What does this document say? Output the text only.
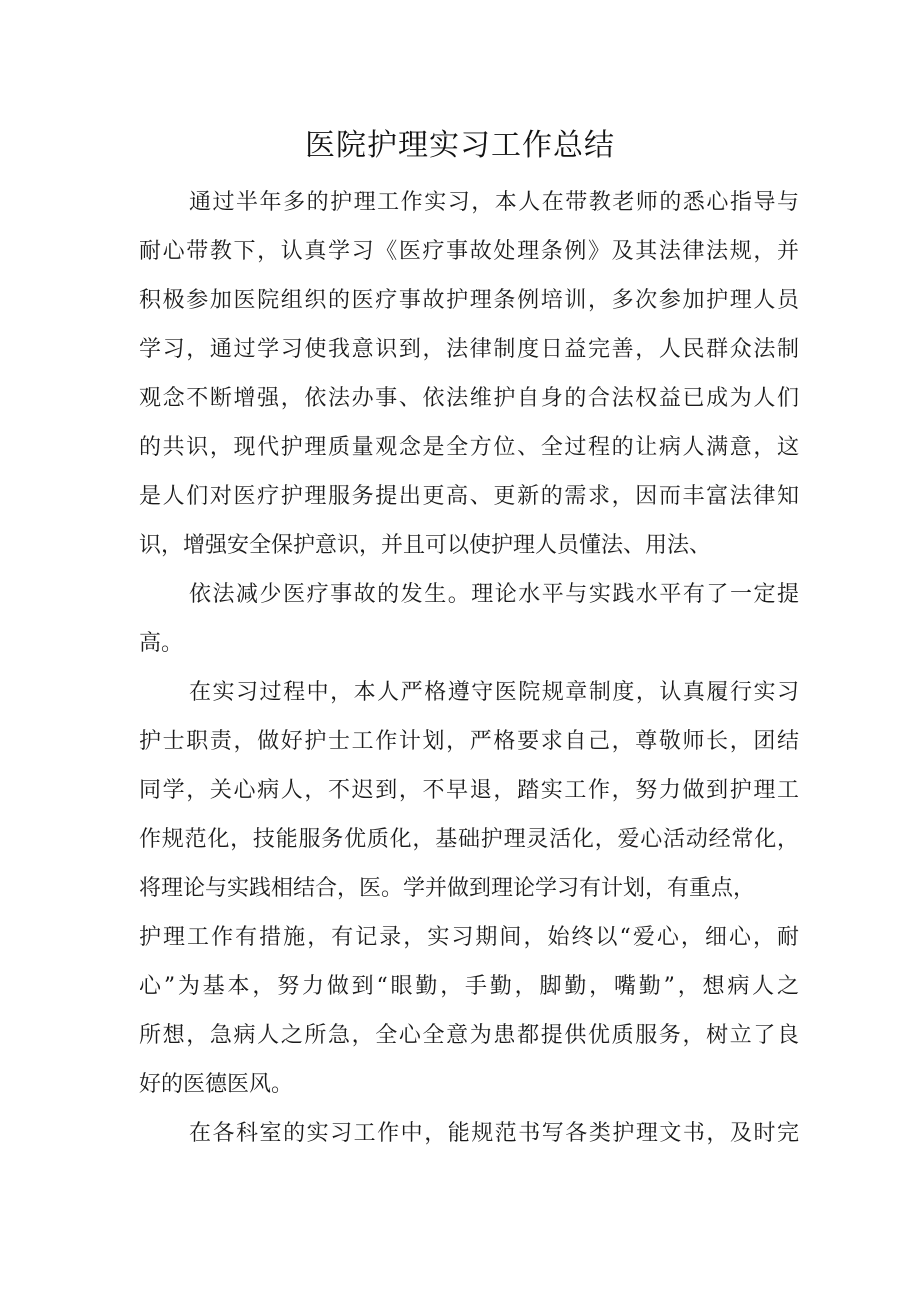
医院护理实习工作总结
通过半年多的护理工作实习，本人在带教老师的悉心指导与
耐心带教下，认真学习《医疗事故处理条例》及其法律法规，并
积极参加医院组织的医疗事故护理条例培训，多次参加护理人员
学习，通过学习使我意识到，法律制度日益完善，人民群众法制
观念不断增强，依法办事、依法维护自身的合法权益已成为人们
的共识，现代护理质量观念是全方位、全过程的让病人满意，这
是人们对医疗护理服务提出更高、更新的需求，因而丰富法律知
识，增强安全保护意识，并且可以使护理人员懂法、用法、
依法减少医疗事故的发生。理论水平与实践水平有了一定提
高。
在实习过程中，本人严格遵守医院规章制度，认真履行实习
护士职责，做好护士工作计划，严格要求自己，尊敬师长，团结
同学，关心病人，不迟到，不早退，踏实工作，努力做到护理工
作规范化，技能服务优质化，基础护理灵活化，爱心活动经常化，
将理论与实践相结合，医。学并做到理论学习有计划，有重点，
护理工作有措施，有记录，实习期间，始终以“爱心，细心，耐
心”为基本，努力做到“眼勤，手勤，脚勤，嘴勤”，想病人之
所想，急病人之所急，全心全意为患都提供优质服务，树立了良
好的医德医风。
在各科室的实习工作中，能规范书写各类护理文书，及时完
